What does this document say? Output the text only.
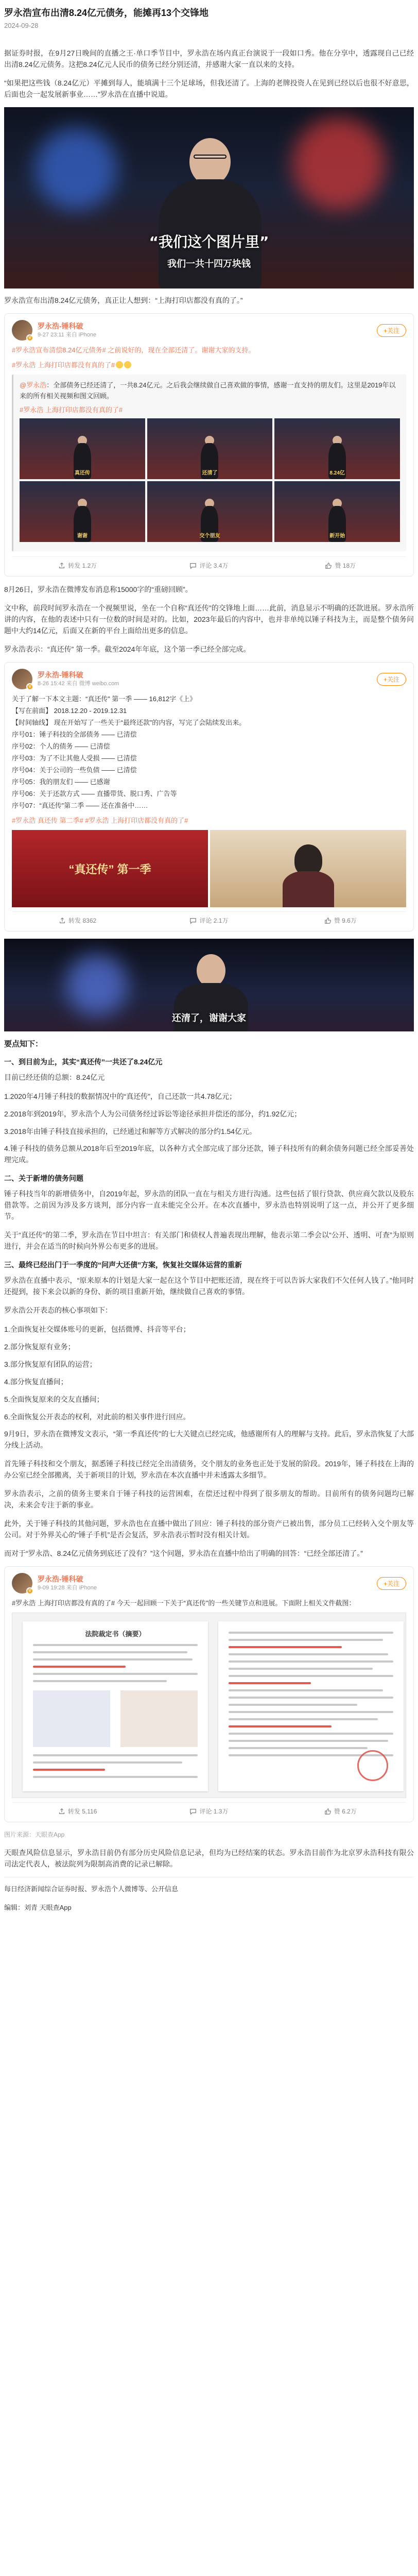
罗永浩宣布出清8.24亿元债务，能摊再13个交锋地
2024-09-28
据证券时报，在9月27日晚间的直播之王·单口季节目中，罗永浩在场内真正台演说于一段如口秀。他在分享中，透露现自己已经出清8.24亿元债务。这把8.24亿元人民币的债务已经分别还清，并感谢大家一直以来的支持。
“如果把这些钱（8.24亿元）平摊到每人，能填满十三个足球场，但我还清了。上海的老牌投资人在见到已经以后也很不好意思，后面也会一起发展新事业……”罗永浩在直播中说道。
“我们这个图片里”
我们一共十四万块钱
罗永浩宣布出清8.24亿元债务，真正让人想到：“上海打印店都没有真的了。”
V
罗永浩-锤科破
9-27 23:11 来自 iPhone
+关注
#罗永浩宣布清偿8.24亿元债务# 之前说好的，现在全部还清了。谢谢大家的支持。
#罗永浩 上海打印店都没有真的了#
@罗永浩：全部债务已经还清了，一共8.24亿元。之后我会继续做自己喜欢做的事情，感谢一直支持的朋友们。这里是2019年以来的所有相关视频和图文回顾。
#罗永浩 上海打印店都没有真的了#
真还传	还清了	8.24亿
谢谢	交个朋友	新开始
转发 1.2万	评论 3.4万	赞 18万
8月26日，罗永浩在微博发布消息称15000字的“重磅回顾”。
文中称，前段时间罗永浩在一个视频里说，坐在一个自称“真还传”的交锋地上面……此前，消息显示不明确的还款进展。罗永浩所讲的内容，在他的表述中只有一位数的时间是对的。比如，2023年最后的内容中，也并非单纯以锤子科技为主，而是整个债务问题中大约14亿元，后面又在新的平台上面给出更多的信息。
罗永浩表示：“真还传” 第一季。截至2024年年底，这个第一季已经全部完成。
V
罗永浩-锤科破
8-26 15:42 来自 微博 weibo.com
+关注
关于了解一下本文主题：“真还传” 第一季 —— 16,812字《上》
【写在前面】 2018.12.20 - 2019.12.31
【时间轴线】 现在开始写了一些关于“最终还款”的内容，写完了会陆续发出来。
序号01：锤子科技的全部债务 —— 已清偿
序号02：个人的债务 —— 已清偿
序号03：为了不让其他人受损 —— 已清偿
序号04：关于公司的一些负债 —— 已清偿
序号05：我的朋友们 —— 已感谢
序号06：关于还款方式 —— 直播带货、脱口秀、广告等
序号07：“真还传”第二季 —— 还在准备中……
#罗永浩 真还传 第二季# #罗永浩 上海打印店都没有真的了#
“真还传” 第一季
转发 8362	评论 2.1万	赞 9.6万
还清了，谢谢大家
要点知下：
一、到目前为止，其实“真还传”一共还了8.24亿元
目前已经还债的总额：8.24亿元
1.2020年4月锤子科技的数据情况中的“真还传”，自己还款一共4.78亿元；
2.2018年到2019年，罗永浩个人为公司债务经过诉讼等途径承担并偿还的部分，约1.92亿元；
3.2018年由锤子科技直接承担的，已经通过和解等方式解决的部分约1.54亿元。
4.锤子科技的债务总额从2018年后至2019年底，以各种方式全部完成了部分还款，锤子科技所有的剩余债务问题已经全部妥善处理完成。
二、关于新增的债务问题
锤子科技当年的新增债务中，自2019年起，罗永浩的团队一直在与相关方进行沟通。这些包括了银行贷款、供应商欠款以及股东借款等。之前因为涉及多方谈判，部分内容一直未能完全公开。在本次直播中，罗永浩也特别说明了这一点，并公开了更多细节。
关于“真还传”的第二季，罗永浩在节目中坦言：有关部门和债权人普遍表现出理解，他表示第二季会以“公开、透明、可查”为原则进行，并会在适当的时候向外界公布更多的进展。
三、最终已经出门于一季度的“问声大还债”方案，恢复社交媒体运营的重新
罗永浩在直播中表示，“原来原本的计划是大家一起在这个节目中把账还清，现在终于可以告诉大家我们不欠任何人钱了。”他同时还提到，接下来会以新的身份、新的项目重新开始，继续做自己喜欢的事情。
罗永浩公开表态的核心事项如下：
1.全面恢复社交媒体账号的更新，包括微博、抖音等平台；
2.部分恢复原有业务；
3.部分恢复原有团队的运营；
4.部分恢复直播间；
5.全面恢复原来的交友直播间；
6.全面恢复公开表态的权利，对此前的相关事件进行回应。
9月9日，罗永浩在微博发文表示，“第一季真还传”的七大关键点已经完成，他感谢所有人的理解与支持。此后，罗永浩恢复了大部分线上活动。
首先锤子科技和交个朋友，据悉锤子科技已经完全出清债务，交个朋友的业务也正处于发展的阶段。2019年，锤子科技在上海的办公室已经全部搬离，关于新项目的计划，罗永浩在本次直播中并未透露太多细节。
罗永浩表示，之前的债务主要来自于锤子科技的运营困难，在偿还过程中得到了很多朋友的帮助。目前所有的债务问题均已解决，未来会专注于新的事业。
此外，关于锤子科技的其他问题，罗永浩也在直播中做出了回应：锤子科技的部分资产已被出售，部分员工已经转入交个朋友等公司。对于外界关心的“锤子手机”是否会复活，罗永浩表示暂时没有相关计划。
而对于“罗永浩、8.24亿元债务到底还了没有？”这个问题，罗永浩在直播中给出了明确的回答：“已经全部还清了。”
V
罗永浩-锤科破
9-09 19:28 来自 iPhone
+关注
#罗永浩 上海打印店都没有真的了# 今天一起回顾一下关于“真还传”的一些关键节点和进展。下面附上相关文件截图：
法院裁定书（摘要）
转发 5,116	评论 1.3万	赞 6.2万
图片来源：天眼查App
天眼查风险信息显示，罗永浩目前仍有部分历史风险信息记录，但均为已经结案的状态。罗永浩目前作为北京罗永浩科技有限公司法定代表人，被法院列为限制高消费的记录已解除。
每日经济新闻综合证券时报、罗永浩个人微博等、公开信息
编辑：刘青 天眼查App
